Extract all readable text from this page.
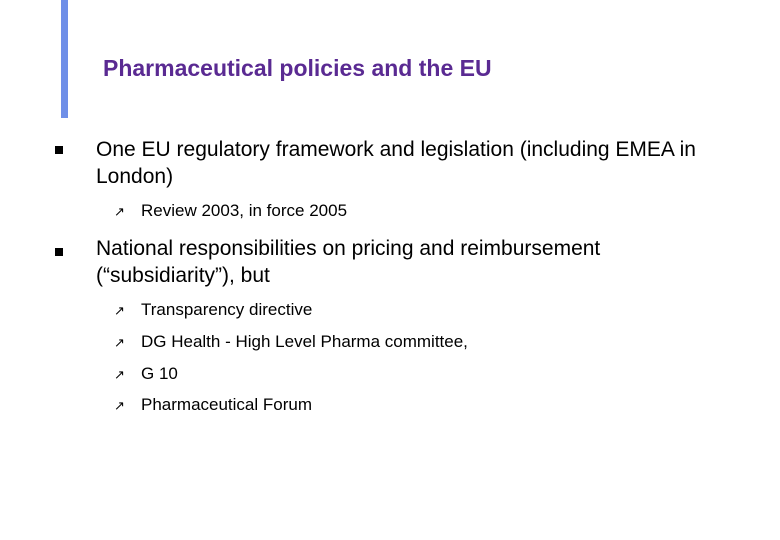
Pharmaceutical policies and the EU
One EU regulatory framework and legislation (including EMEA in London)
↗ Review 2003, in force 2005
National responsibilities on pricing and reimbursement (“subsidiarity”), but
↗ Transparency directive
↗ DG Health - High Level Pharma committee,
↗ G 10
↗ Pharmaceutical Forum
